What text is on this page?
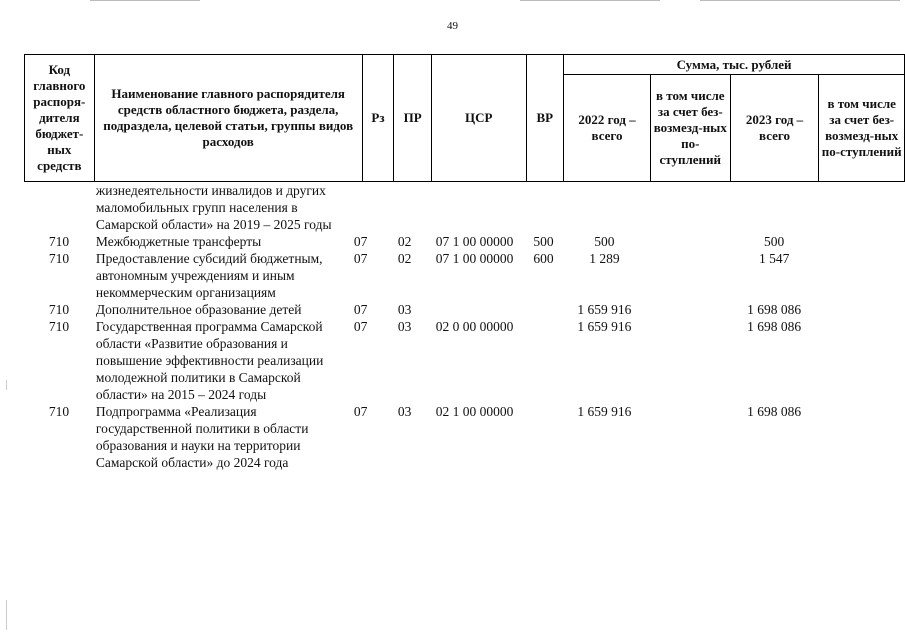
49
Код главного распоря-дителя бюджет-ных средств	Наименование главного распорядителя средств областного бюджета, раздела, подраздела, целевой статьи, группы видов расходов	Рз	ПР	ЦСР	ВР	Сумма, тыс. рублей			
						2022 год – всего	в том числе за счет без-возмезд-ных по-ступлений	2023 год – всего	в том числе за счет без-возмезд-ных по-ступлений
	жизнедеятельности инвалидов и других маломобильных групп населения в Самарской области» на 2019 – 2025 годы								
710	Межбюджетные трансферты	07	02	07 1 00 00000	500	500		500	
710	Предоставление субсидий бюджетным, автономным учреждениям и иным некоммерческим организациям	07	02	07 1 00 00000	600	1 289		1 547	
710	Дополнительное образование детей	07	03			1 659 916		1 698 086	
710	Государственная программа Самарской области «Развитие образования и повышение эффективности реализации молодежной политики в Самарской области» на 2015 – 2024 годы	07	03	02 0 00 00000		1 659 916		1 698 086	
710	Подпрограмма «Реализация государственной политики в области образования и науки на территории Самарской области» до 2024 года	07	03	02 1 00 00000		1 659 916		1 698 086	
